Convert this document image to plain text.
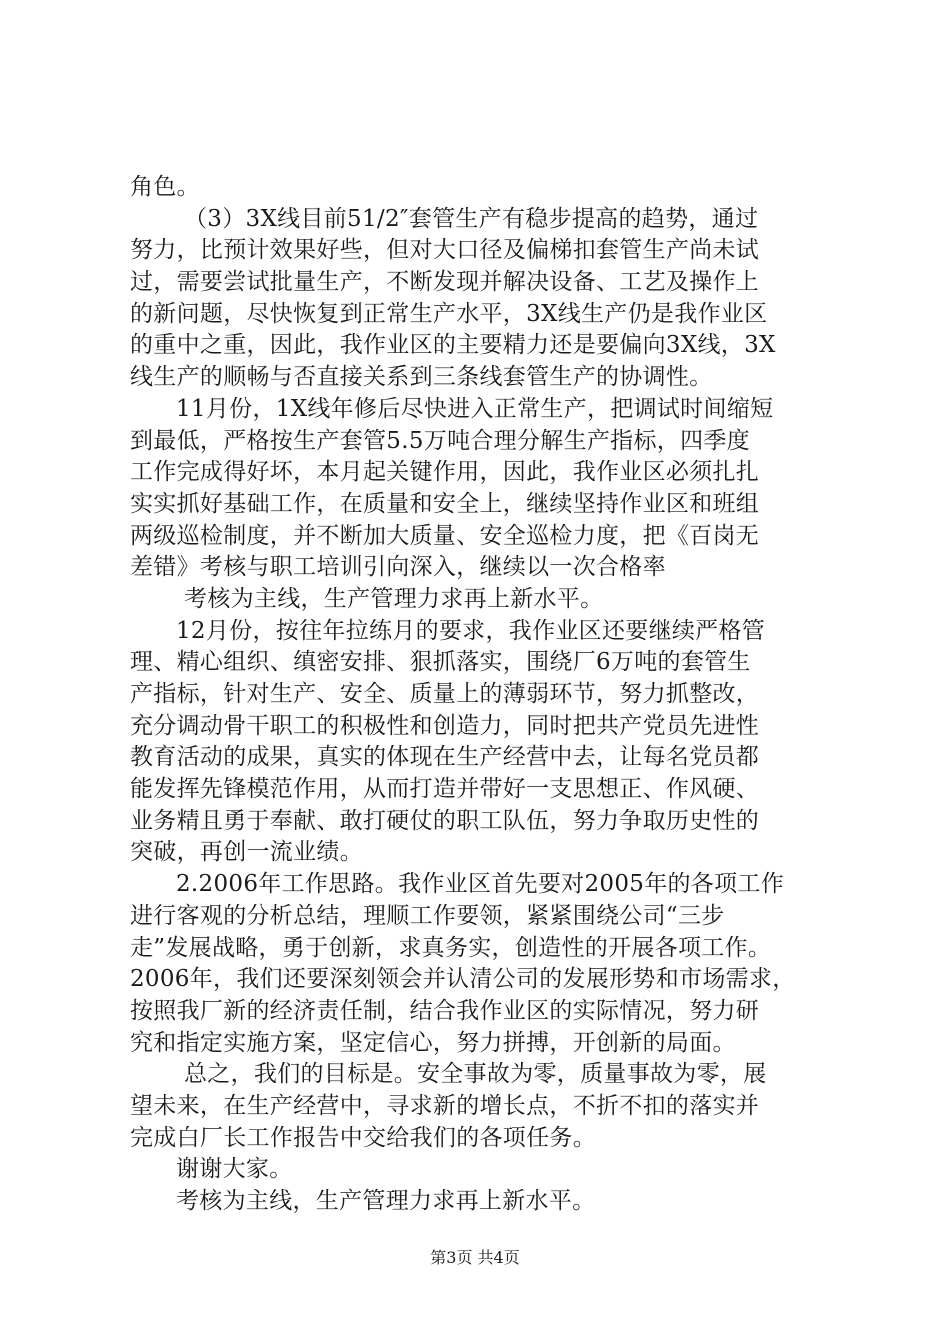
角色。
（3）3X线目前51/2″套管生产有稳步提高的趋势，通过
努力，比预计效果好些，但对大口径及偏梯扣套管生产尚未试
过，需要尝试批量生产，不断发现并解决设备、工艺及操作上
的新问题，尽快恢复到正常生产水平，3X线生产仍是我作业区
的重中之重，因此，我作业区的主要精力还是要偏向3X线，3X
线生产的顺畅与否直接关系到三条线套管生产的协调性。
11月份，1X线年修后尽快进入正常生产，把调试时间缩短
到最低，严格按生产套管5.5万吨合理分解生产指标，四季度
工作完成得好坏，本月起关键作用，因此，我作业区必须扎扎
实实抓好基础工作，在质量和安全上，继续坚持作业区和班组
两级巡检制度，并不断加大质量、安全巡检力度，把《百岗无
差错》考核与职工培训引向深入，继续以一次合格率
考核为主线，生产管理力求再上新水平。
12月份，按往年拉练月的要求，我作业区还要继续严格管
理、精心组织、缜密安排、狠抓落实，围绕厂6万吨的套管生
产指标，针对生产、安全、质量上的薄弱环节，努力抓整改，
充分调动骨干职工的积极性和创造力，同时把共产党员先进性
教育活动的成果，真实的体现在生产经营中去，让每名党员都
能发挥先锋模范作用，从而打造并带好一支思想正、作风硬、
业务精且勇于奉献、敢打硬仗的职工队伍，努力争取历史性的
突破，再创一流业绩。
2.2006年工作思路。我作业区首先要对2005年的各项工作
进行客观的分析总结，理顺工作要领，紧紧围绕公司“三步
走”发展战略，勇于创新，求真务实，创造性的开展各项工作。
2006年，我们还要深刻领会并认清公司的发展形势和市场需求，
按照我厂新的经济责任制，结合我作业区的实际情况，努力研
究和指定实施方案，坚定信心，努力拼搏，开创新的局面。
总之，我们的目标是。安全事故为零，质量事故为零，展
望未来，在生产经营中，寻求新的增长点，不折不扣的落实并
完成白厂长工作报告中交给我们的各项任务。
谢谢大家。
考核为主线，生产管理力求再上新水平。
第3页 共4页
